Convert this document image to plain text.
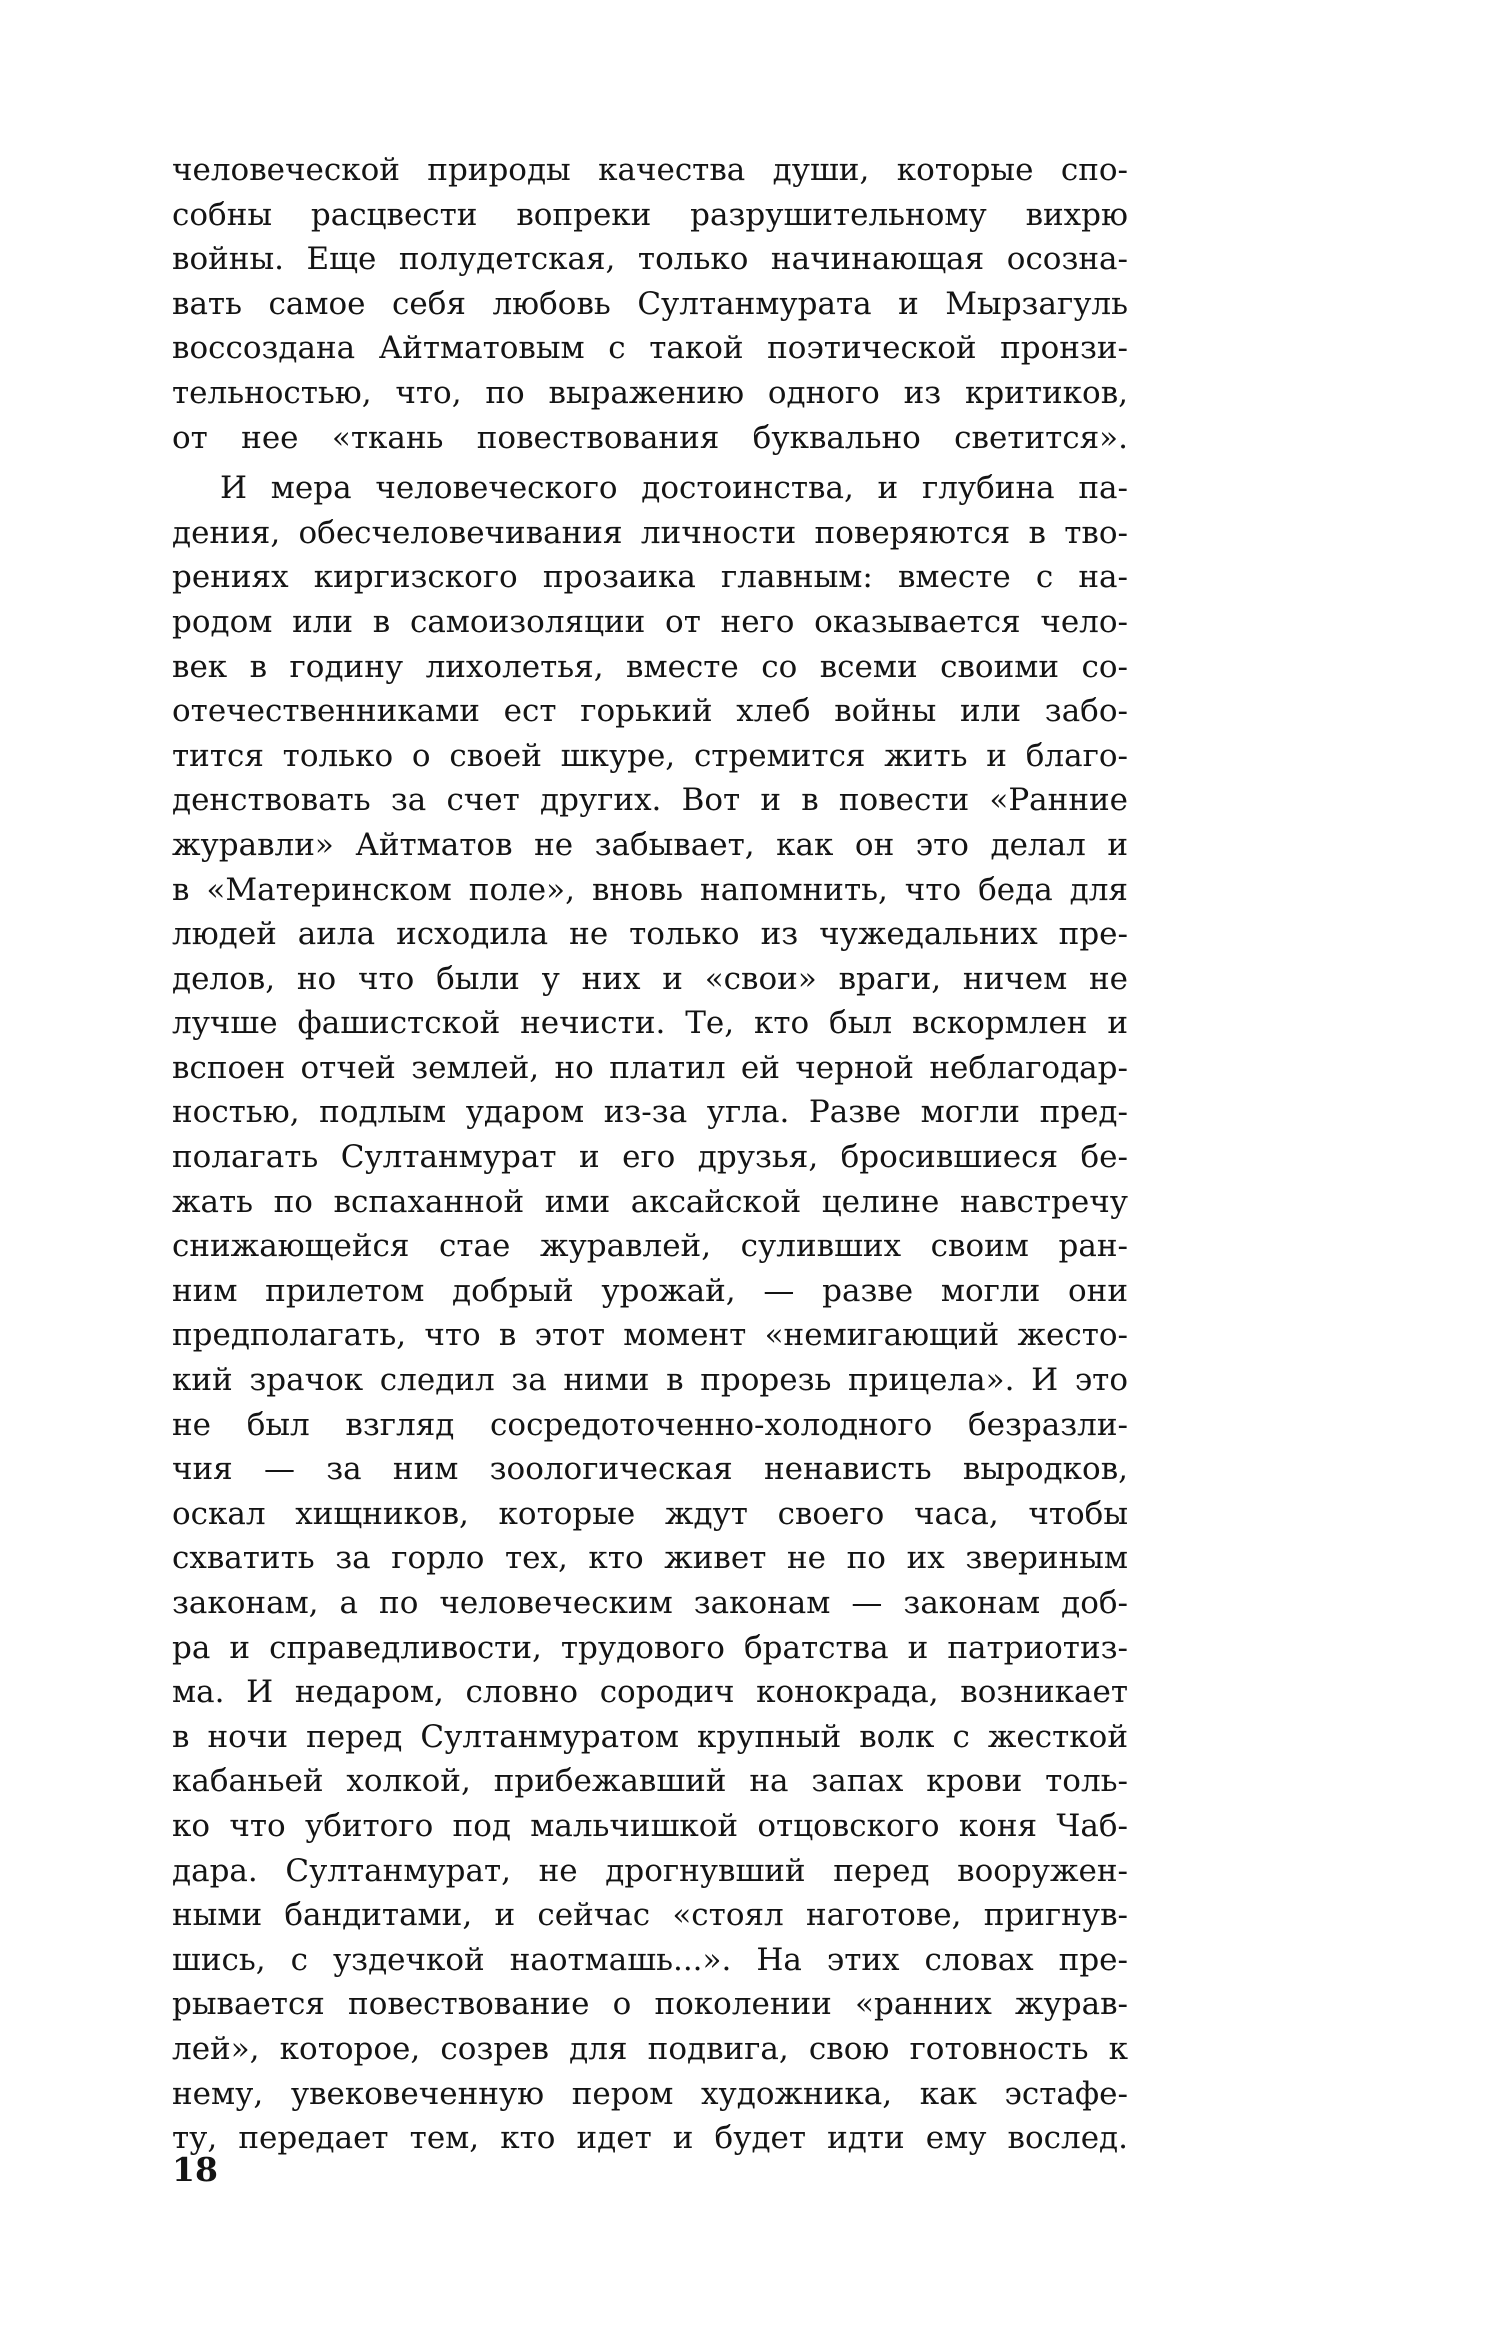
человеческой природы качества души, которые спо-
собны расцвести вопреки разрушительному вихрю
войны. Еще полудетская, только начинающая осозна-
вать самое себя любовь Султанмурата и Мырзагуль
воссоздана Айтматовым с такой поэтической пронзи-
тельностью, что, по выражению одного из критиков,
от нее «ткань повествования буквально светится».
И мера человеческого достоинства, и глубина па-
дения, обесчеловечивания личности поверяются в тво-
рениях киргизского прозаика главным: вместе с на-
родом или в самоизоляции от него оказывается чело-
век в годину лихолетья, вместе со всеми своими со-
отечественниками ест горький хлеб войны или забо-
тится только о своей шкуре, стремится жить и благо-
денствовать за счет других. Вот и в повести «Ранние
журавли» Айтматов не забывает, как он это делал и
в «Материнском поле», вновь напомнить, что беда для
людей аила исходила не только из чужедальних пре-
делов, но что были у них и «свои» враги, ничем не
лучше фашистской нечисти. Те, кто был вскормлен и
вспоен отчей землей, но платил ей черной неблагодар-
ностью, подлым ударом из-за угла. Разве могли пред-
полагать Султанмурат и его друзья, бросившиеся бе-
жать по вспаханной ими аксайской целине навстречу
снижающейся стае журавлей, суливших своим ран-
ним прилетом добрый урожай, — разве могли они
предполагать, что в этот момент «немигающий жесто-
кий зрачок следил за ними в прорезь прицела». И это
не был взгляд сосредоточенно-холодного безразли-
чия — за ним зоологическая ненависть выродков,
оскал хищников, которые ждут своего часа, чтобы
схватить за горло тех, кто живет не по их звериным
законам, а по человеческим законам — законам доб-
ра и справедливости, трудового братства и патриотиз-
ма. И недаром, словно сородич конокрада, возникает
в ночи перед Султанмуратом крупный волк с жесткой
кабаньей холкой, прибежавший на запах крови толь-
ко что убитого под мальчишкой отцовского коня Чаб-
дара. Султанмурат, не дрогнувший перед вооружен-
ными бандитами, и сейчас «стоял наготове, пригнув-
шись, с уздечкой наотмашь...». На этих словах пре-
рывается повествование о поколении «ранних журав-
лей», которое, созрев для подвига, свою готовность к
нему, увековеченную пером художника, как эстафе-
ту, передает тем, кто идет и будет идти ему вослед.
18
